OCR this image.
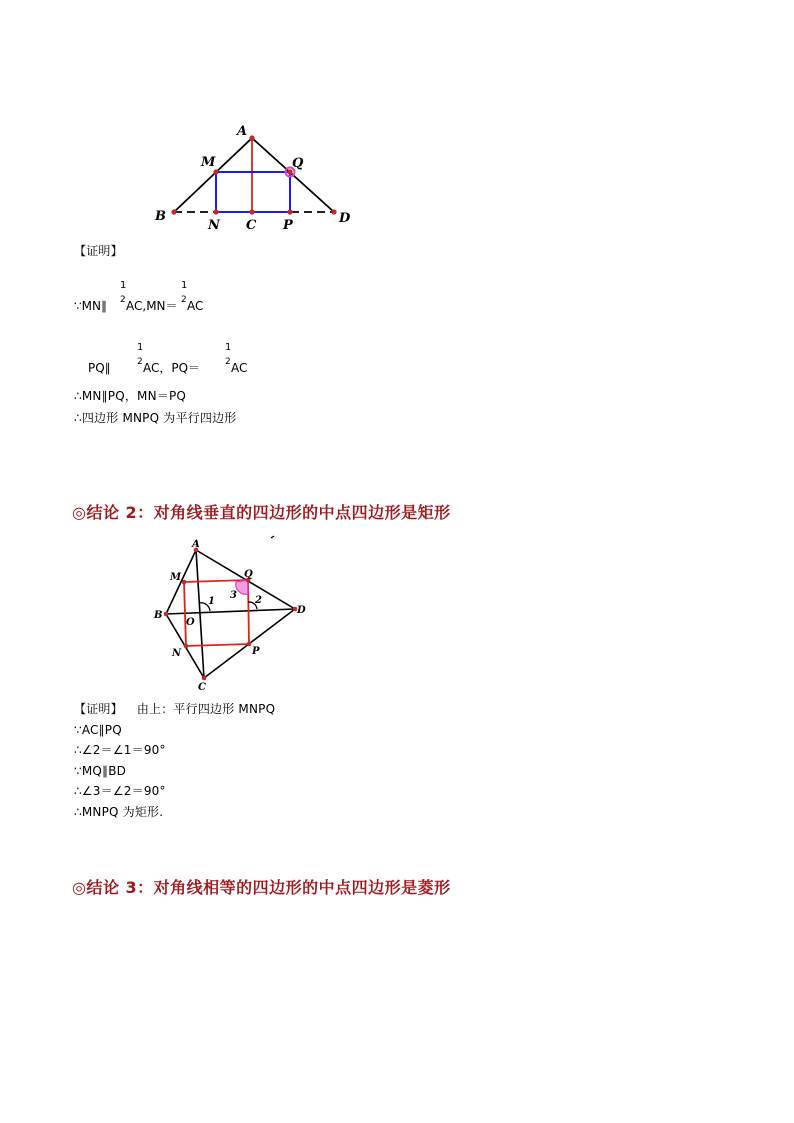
A
M	Q
B
N C P	D
【证明】
∵MN∥
1
2 AC,MN＝
1
2 AC
PQ∥
1
2 AC，PQ＝
1
2 AC
∴MN∥PQ，MN＝PQ
∴四边形 MNPQ 为平行四边形
◎结论 2：对角线垂直的四边形的中点四边形是矩形
A
M	Q
B
O
D
N	P
C
1	2
3
【证明】 由上：平行四边形 MNPQ
∵AC∥PQ
∴∠2＝∠1＝90°
∵MQ∥BD
∴∠3＝∠2＝90°
∴MNPQ 为矩形.
◎结论 3：对角线相等的四边形的中点四边形是菱形
